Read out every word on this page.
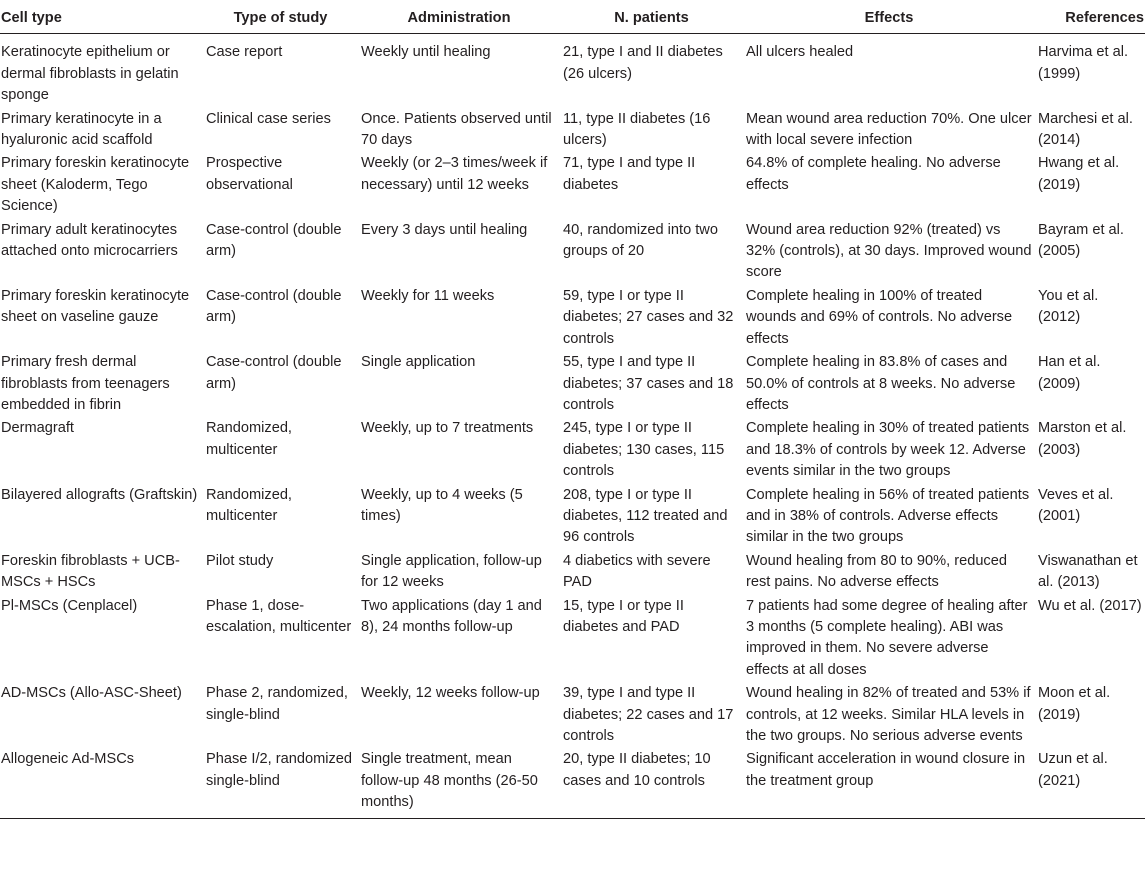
Cell type	Type of study	Administration	N. patients	Effects	References
Keratinocyte epithelium or dermal fibroblasts in gelatin sponge	Case report	Weekly until healing	21, type I and II diabetes (26 ulcers)	All ulcers healed	Harvima et al. (1999)
Primary keratinocyte in a hyaluronic acid scaffold	Clinical case series	Once. Patients observed until 70 days	11, type II diabetes (16 ulcers)	Mean wound area reduction 70%. One ulcer with local severe infection	Marchesi et al. (2014)
Primary foreskin keratinocyte sheet (Kaloderm, Tego Science)	Prospective observational	Weekly (or 2–3 times/week if necessary) until 12 weeks	71, type I and type II diabetes	64.8% of complete healing. No adverse effects	Hwang et al. (2019)
Primary adult keratinocytes attached onto microcarriers	Case-control (double arm)	Every 3 days until healing	40, randomized into two groups of 20	Wound area reduction 92% (treated) vs 32% (controls), at 30 days. Improved wound score	Bayram et al. (2005)
Primary foreskin keratinocyte sheet on vaseline gauze	Case-control (double arm)	Weekly for 11 weeks	59, type I or type II diabetes; 27 cases and 32 controls	Complete healing in 100% of treated wounds and 69% of controls. No adverse effects	You et al. (2012)
Primary fresh dermal fibroblasts from teenagers embedded in fibrin	Case-control (double arm)	Single application	55, type I and type II diabetes; 37 cases and 18 controls	Complete healing in 83.8% of cases and 50.0% of controls at 8 weeks. No adverse effects	Han et al. (2009)
Dermagraft	Randomized, multicenter	Weekly, up to 7 treatments	245, type I or type II diabetes; 130 cases, 115 controls	Complete healing in 30% of treated patients and 18.3% of controls by week 12. Adverse events similar in the two groups	Marston et al. (2003)
Bilayered allografts (Graftskin)	Randomized, multicenter	Weekly, up to 4 weeks (5 times)	208, type I or type II diabetes, 112 treated and 96 controls	Complete healing in 56% of treated patients and in 38% of controls. Adverse effects similar in the two groups	Veves et al. (2001)
Foreskin fibroblasts + UCB-MSCs + HSCs	Pilot study	Single application, follow-up for 12 weeks	4 diabetics with severe PAD	Wound healing from 80 to 90%, reduced rest pains. No adverse effects	Viswanathan et al. (2013)
Pl-MSCs (Cenplacel)	Phase 1, dose-escalation, multicenter	Two applications (day 1 and 8), 24 months follow-up	15, type I or type II diabetes and PAD	7 patients had some degree of healing after 3 months (5 complete healing). ABI was improved in them. No severe adverse effects at all doses	Wu et al. (2017)
AD-MSCs (Allo-ASC-Sheet)	Phase 2, randomized, single-blind	Weekly, 12 weeks follow-up	39, type I and type II diabetes; 22 cases and 17 controls	Wound healing in 82% of treated and 53% if controls, at 12 weeks. Similar HLA levels in the two groups. No serious adverse events	Moon et al. (2019)
Allogeneic Ad-MSCs	Phase I/2, randomized single-blind	Single treatment, mean follow-up 48 months (26-50 months)	20, type II diabetes; 10 cases and 10 controls	Significant acceleration in wound closure in the treatment group	Uzun et al. (2021)
